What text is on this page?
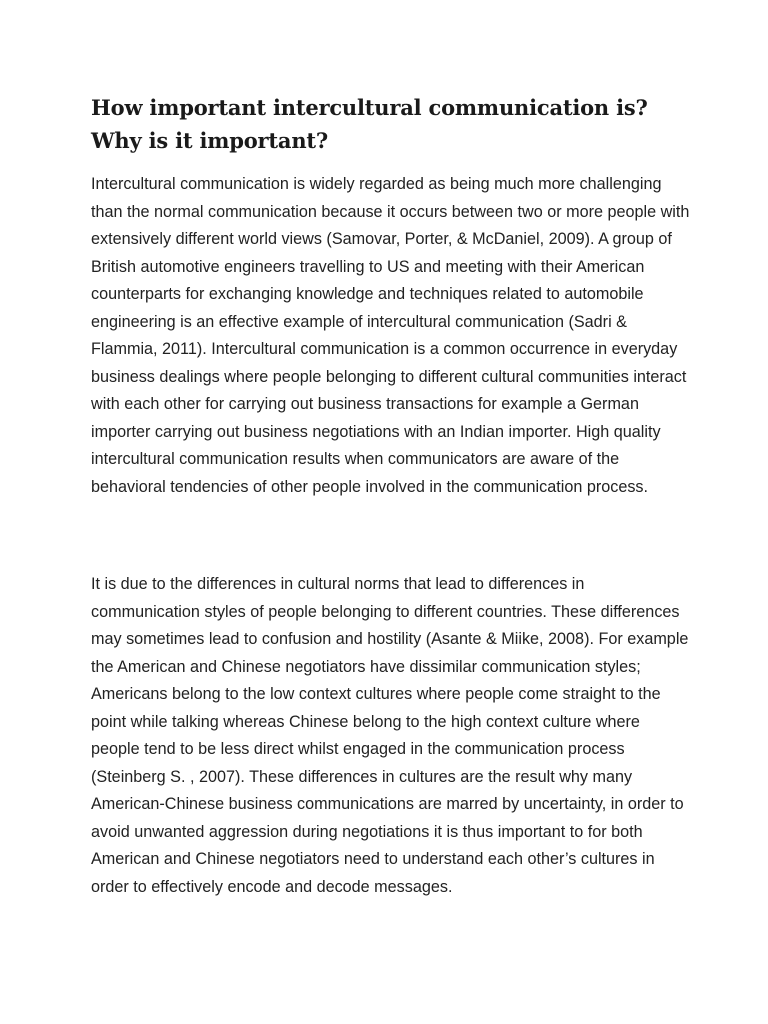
How important intercultural communication is? Why is it important?

Intercultural communication is widely regarded as being much more challenging than the normal communication because it occurs between two or more people with extensively different world views (Samovar, Porter, & McDaniel, 2009). A group of British automotive engineers travelling to US and meeting with their American counterparts for exchanging knowledge and techniques related to automobile engineering is an effective example of intercultural communication (Sadri & Flammia, 2011). Intercultural communication is a common occurrence in everyday business dealings where people belonging to different cultural communities interact with each other for carrying out business transactions for example a German importer carrying out business negotiations with an Indian importer. High quality intercultural communication results when communicators are aware of the behavioral tendencies of other people involved in the communication process.

It is due to the differences in cultural norms that lead to differences in communication styles of people belonging to different countries. These differences may sometimes lead to confusion and hostility (Asante & Miike, 2008). For example the American and Chinese negotiators have dissimilar communication styles; Americans belong to the low context cultures where people come straight to the point while talking whereas Chinese belong to the high context culture where people tend to be less direct whilst engaged in the communication process (Steinberg S. , 2007). These differences in cultures are the result why many American-Chinese business communications are marred by uncertainty, in order to avoid unwanted aggression during negotiations it is thus important to for both American and Chinese negotiators need to understand each other’s cultures in order to effectively encode and decode messages.
